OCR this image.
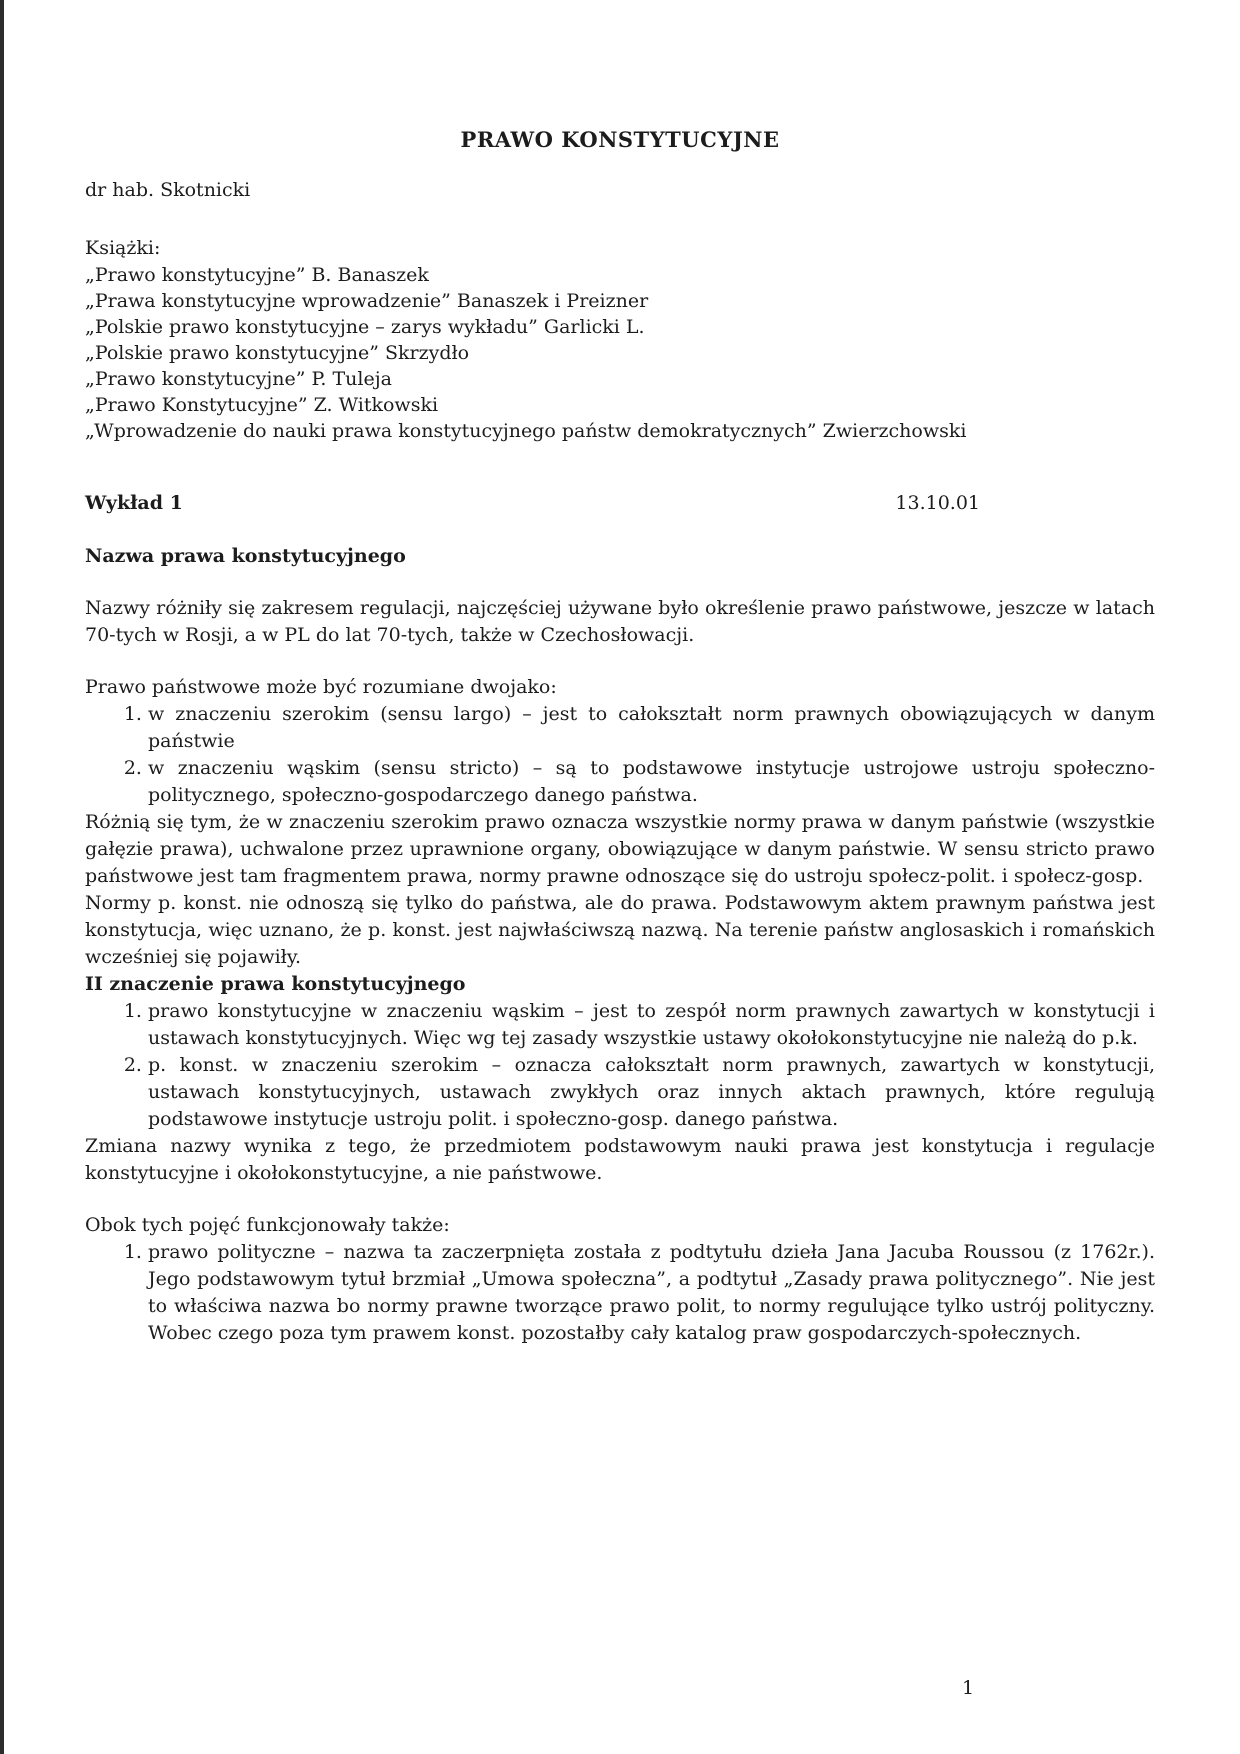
PRAWO KONSTYTUCYJNE

dr hab. Skotnicki

Książki:

„Prawo konstytucyjne” B. Banaszek

„Prawa konstytucyjne wprowadzenie” Banaszek i Preizner

„Polskie prawo konstytucyjne – zarys wykładu” Garlicki L.

„Polskie prawo konstytucyjne” Skrzydło

„Prawo konstytucyjne” P. Tuleja

„Prawo Konstytucyjne” Z. Witkowski

„Wprowadzenie do nauki prawa konstytucyjnego państw demokratycznych” Zwierzchowski

Wykład 1	13.10.01
Nazwa prawa konstytucyjnego

Nazwy różniły się zakresem regulacji, najczęściej używane było określenie prawo państwowe, jeszcze w latach 70-tych w Rosji, a w PL do lat 70-tych, także w Czechosłowacji.

Prawo państwowe może być rozumiane dwojako:

1. w znaczeniu szerokim (sensu largo) – jest to całokształt norm prawnych obowiązujących w danym państwie
2. w znaczeniu wąskim (sensu stricto) – są to podstawowe instytucje ustrojowe ustroju społeczno-politycznego, społeczno-gospodarczego danego państwa.

Różnią się tym, że w znaczeniu szerokim prawo oznacza wszystkie normy prawa w danym państwie (wszystkie gałęzie prawa), uchwalone przez uprawnione organy, obowiązujące w danym państwie. W sensu stricto prawo państwowe jest tam fragmentem prawa, normy prawne odnoszące się do ustroju społecz-polit. i społecz-gosp.

Normy p. konst. nie odnoszą się tylko do państwa, ale do prawa. Podstawowym aktem prawnym państwa jest konstytucja, więc uznano, że p. konst. jest najwłaściwszą nazwą. Na terenie państw anglosaskich i romańskich wcześniej się pojawiły.

II znaczenie prawa konstytucyjnego
1. prawo konstytucyjne w znaczeniu wąskim – jest to zespół norm prawnych zawartych w konstytucji i ustawach konstytucyjnych. Więc wg tej zasady wszystkie ustawy okołokonstytucyjne nie należą do p.k.
2. p. konst. w znaczeniu szerokim – oznacza całokształt norm prawnych, zawartych w konstytucji, ustawach konstytucyjnych, ustawach zwykłych oraz innych aktach prawnych, które regulują podstawowe instytucje ustroju polit. i społeczno-gosp. danego państwa.

Zmiana nazwy wynika z tego, że przedmiotem podstawowym nauki prawa jest konstytucja i regulacje konstytucyjne i okołokonstytucyjne, a nie państwowe.

Obok tych pojęć funkcjonowały także:

1. prawo polityczne – nazwa ta zaczerpnięta została z podtytułu dzieła Jana Jacuba Roussou (z 1762r.). Jego podstawowym tytuł brzmiał „Umowa społeczna”, a podtytuł „Zasady prawa politycznego”. Nie jest to właściwa nazwa bo normy prawne tworzące prawo polit, to normy regulujące tylko ustrój polityczny. Wobec czego poza tym prawem konst. pozostałby cały katalog praw gospodarczych-społecznych.
1
